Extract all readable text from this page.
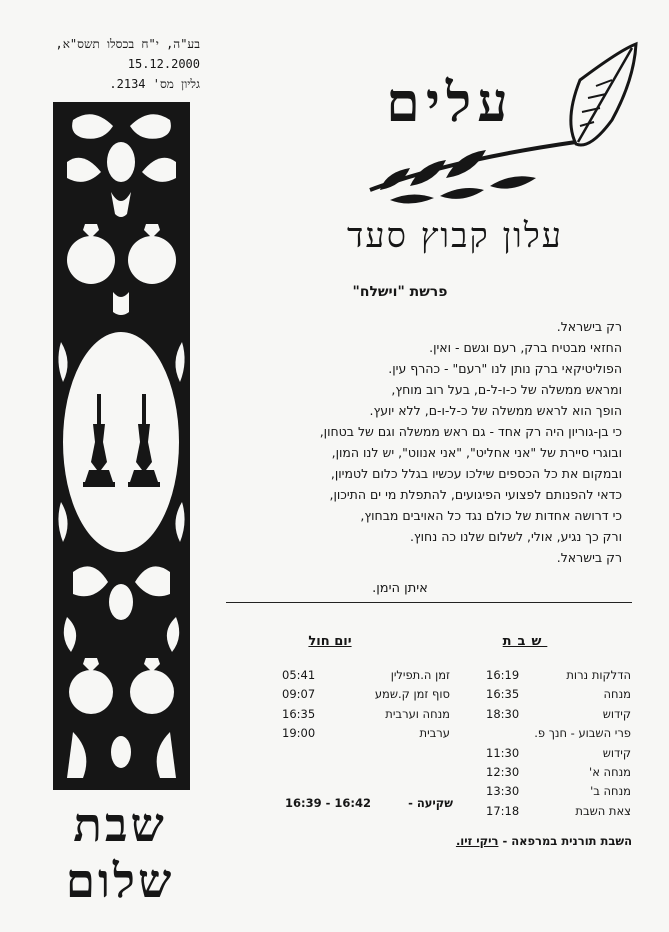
בע"ה, י"ח בכסלו תשס"א,
15.12.2000
גליון מס' 2134.
שבת
שלום
עלים
עלון קבוץ סעד
פרשת "וישלח"
רק בישראל.
החזאי מבטיח ברק, רעם וגשם - ואין.
הפוליטיקאי ברק נותן לנו "רעם" - כהרף עין.
ומראש ממשלה של כ-ו-ל-ם, בעל רוב מוחץ,
הופך הוא לראש ממשלה של כ-ל-ו-ם, ללא יועץ.
כי בן-גוריון היה רק אחד - גם ראש ממשלה וגם של בטחון,
ובוגרי סיירת של "אני אחליט", "אני אנווט", יש לנו המון,
ובמקום את כל הכספים שילכו עכשיו בגלל כלום לטמיון,
כדאי להפנותם לפצועי הפיגועים, להתפלת מי ים התיכון,
כי דרושה אחדות של כולם נגד כל האויבים מבחוץ,
ורק כך נגיע, אולי, לשלום שלנו כה נחוץ.
רק בישראל.
איתן הימן.
שבת
יום חול
16:19	הדלקות נרות
16:35	מנחה
18:30	קידוש
פרי השבוע - חנך פ.
11:30	קידוש
12:30	מנחה א'
13:30	מנחה ב'
17:18	צאת השבת
05:41	זמן ה.תפילין
09:07	סוף זמן ק.שמע
16:35	מנחה וערבית
19:00	ערבית
16:39 - 16:42	שקיעה -
השבת תורנית במרפאה - ריקי זיו.
